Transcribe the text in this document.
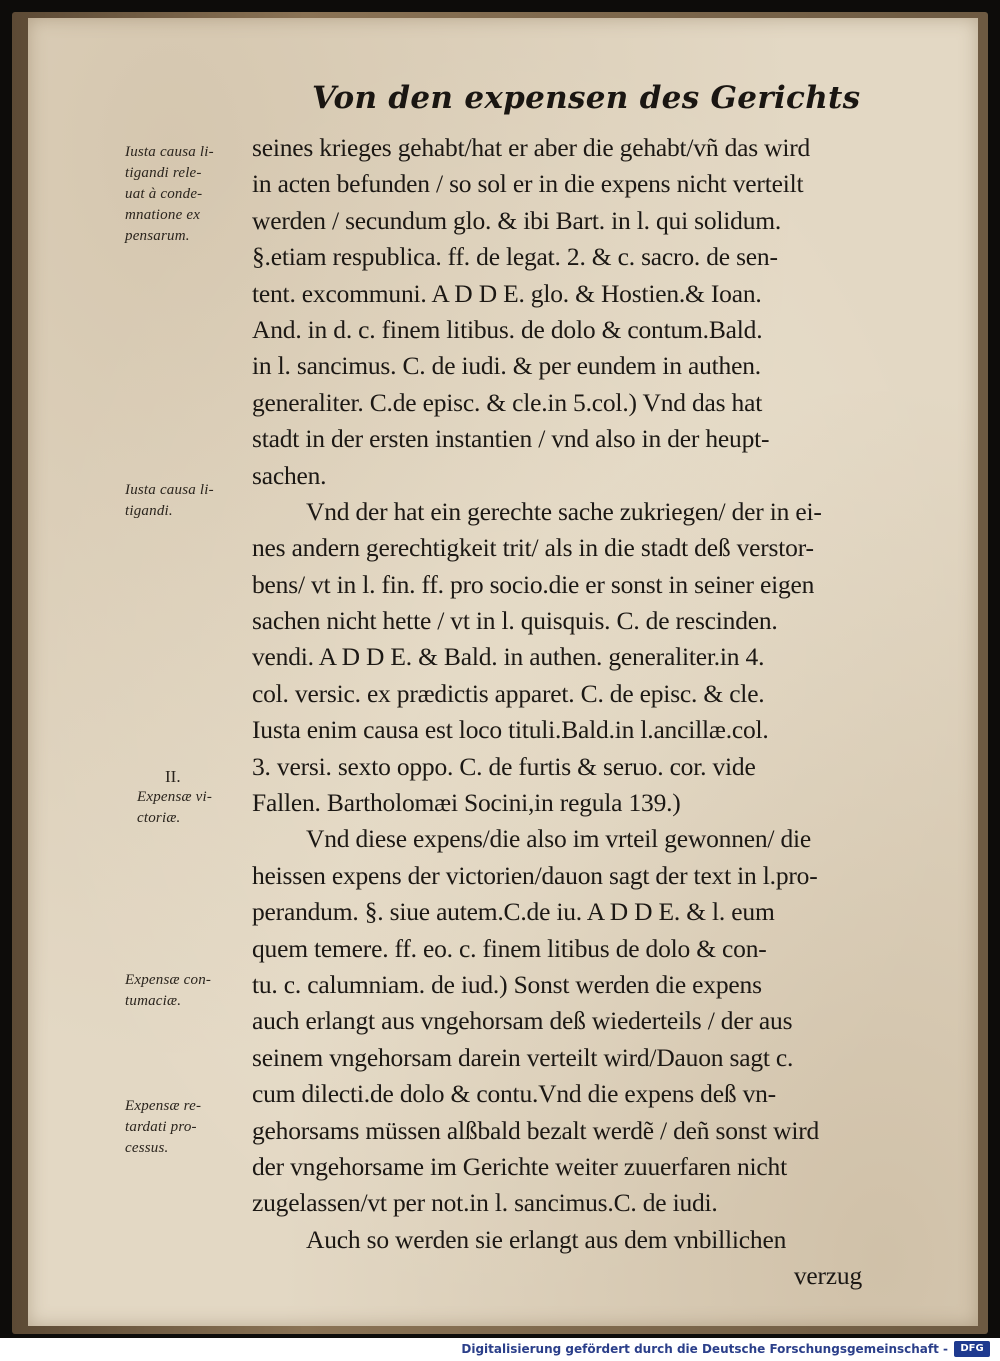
Von den expensen des Gerichts
seines krieges gehabt/hat er aber die gehabt/vñ das wird
in acten befunden / so sol er in die expens nicht verteilt
werden / secundum glo. & ibi Bart. in l. qui solidum.
§.etiam respublica. ff. de legat. 2. & c. sacro. de sen-
tent. excommuni. A D D E. glo. & Hostien.& Ioan.
And. in d. c. finem litibus. de dolo & contum.Bald.
in l. sancimus. C. de iudi. & per eundem in authen.
generaliter. C.de episc. & cle.in 5.col.) Vnd das hat
stadt in der ersten instantien / vnd also in der heupt-
sachen.
Vnd der hat ein gerechte sache zukriegen/ der in ei-
nes andern gerechtigkeit trit/ als in die stadt deß verstor-
bens/ vt in l. fin. ff. pro socio.die er sonst in seiner eigen
sachen nicht hette / vt in l. quisquis. C. de rescinden.
vendi. A D D E. & Bald. in authen. generaliter.in 4.
col. versic. ex prædictis apparet. C. de episc. & cle.
Iusta enim causa est loco tituli.Bald.in l.ancillæ.col.
3. versi. sexto oppo. C. de furtis & seruo. cor. vide
Fallen. Bartholomæi Socini,in regula 139.)
Vnd diese expens/die also im vrteil gewonnen/ die
heissen expens der victorien/dauon sagt der text in l.pro-
perandum. §. siue autem.C.de iu. A D D E. & l. eum
quem temere. ff. eo. c. finem litibus de dolo & con-
tu. c. calumniam. de iud.) Sonst werden die expens
auch erlangt aus vngehorsam deß wiederteils / der aus
seinem vngehorsam darein verteilt wird/Dauon sagt c.
cum dilecti.de dolo & contu.Vnd die expens deß vn-
gehorsams müssen alßbald bezalt werdẽ / deñ sonst wird
der vngehorsame im Gerichte weiter zuuerfaren nicht
zugelassen/vt per not.in l. sancimus.C. de iudi.
Auch so werden sie erlangt aus dem vnbillichen
verzug
Iusta causa li-
tigandi rele-
uat à conde-
mnatione ex
pensarum.
Iusta causa li-
tigandi.
II.
Expensæ vi-
ctoriæ.
Expensæ con-
tumaciæ.
Expensæ re-
tardati pro-
cessus.
Digitalisierung gefördert durch die Deutsche Forschungsgemeinschaft -	DFG
